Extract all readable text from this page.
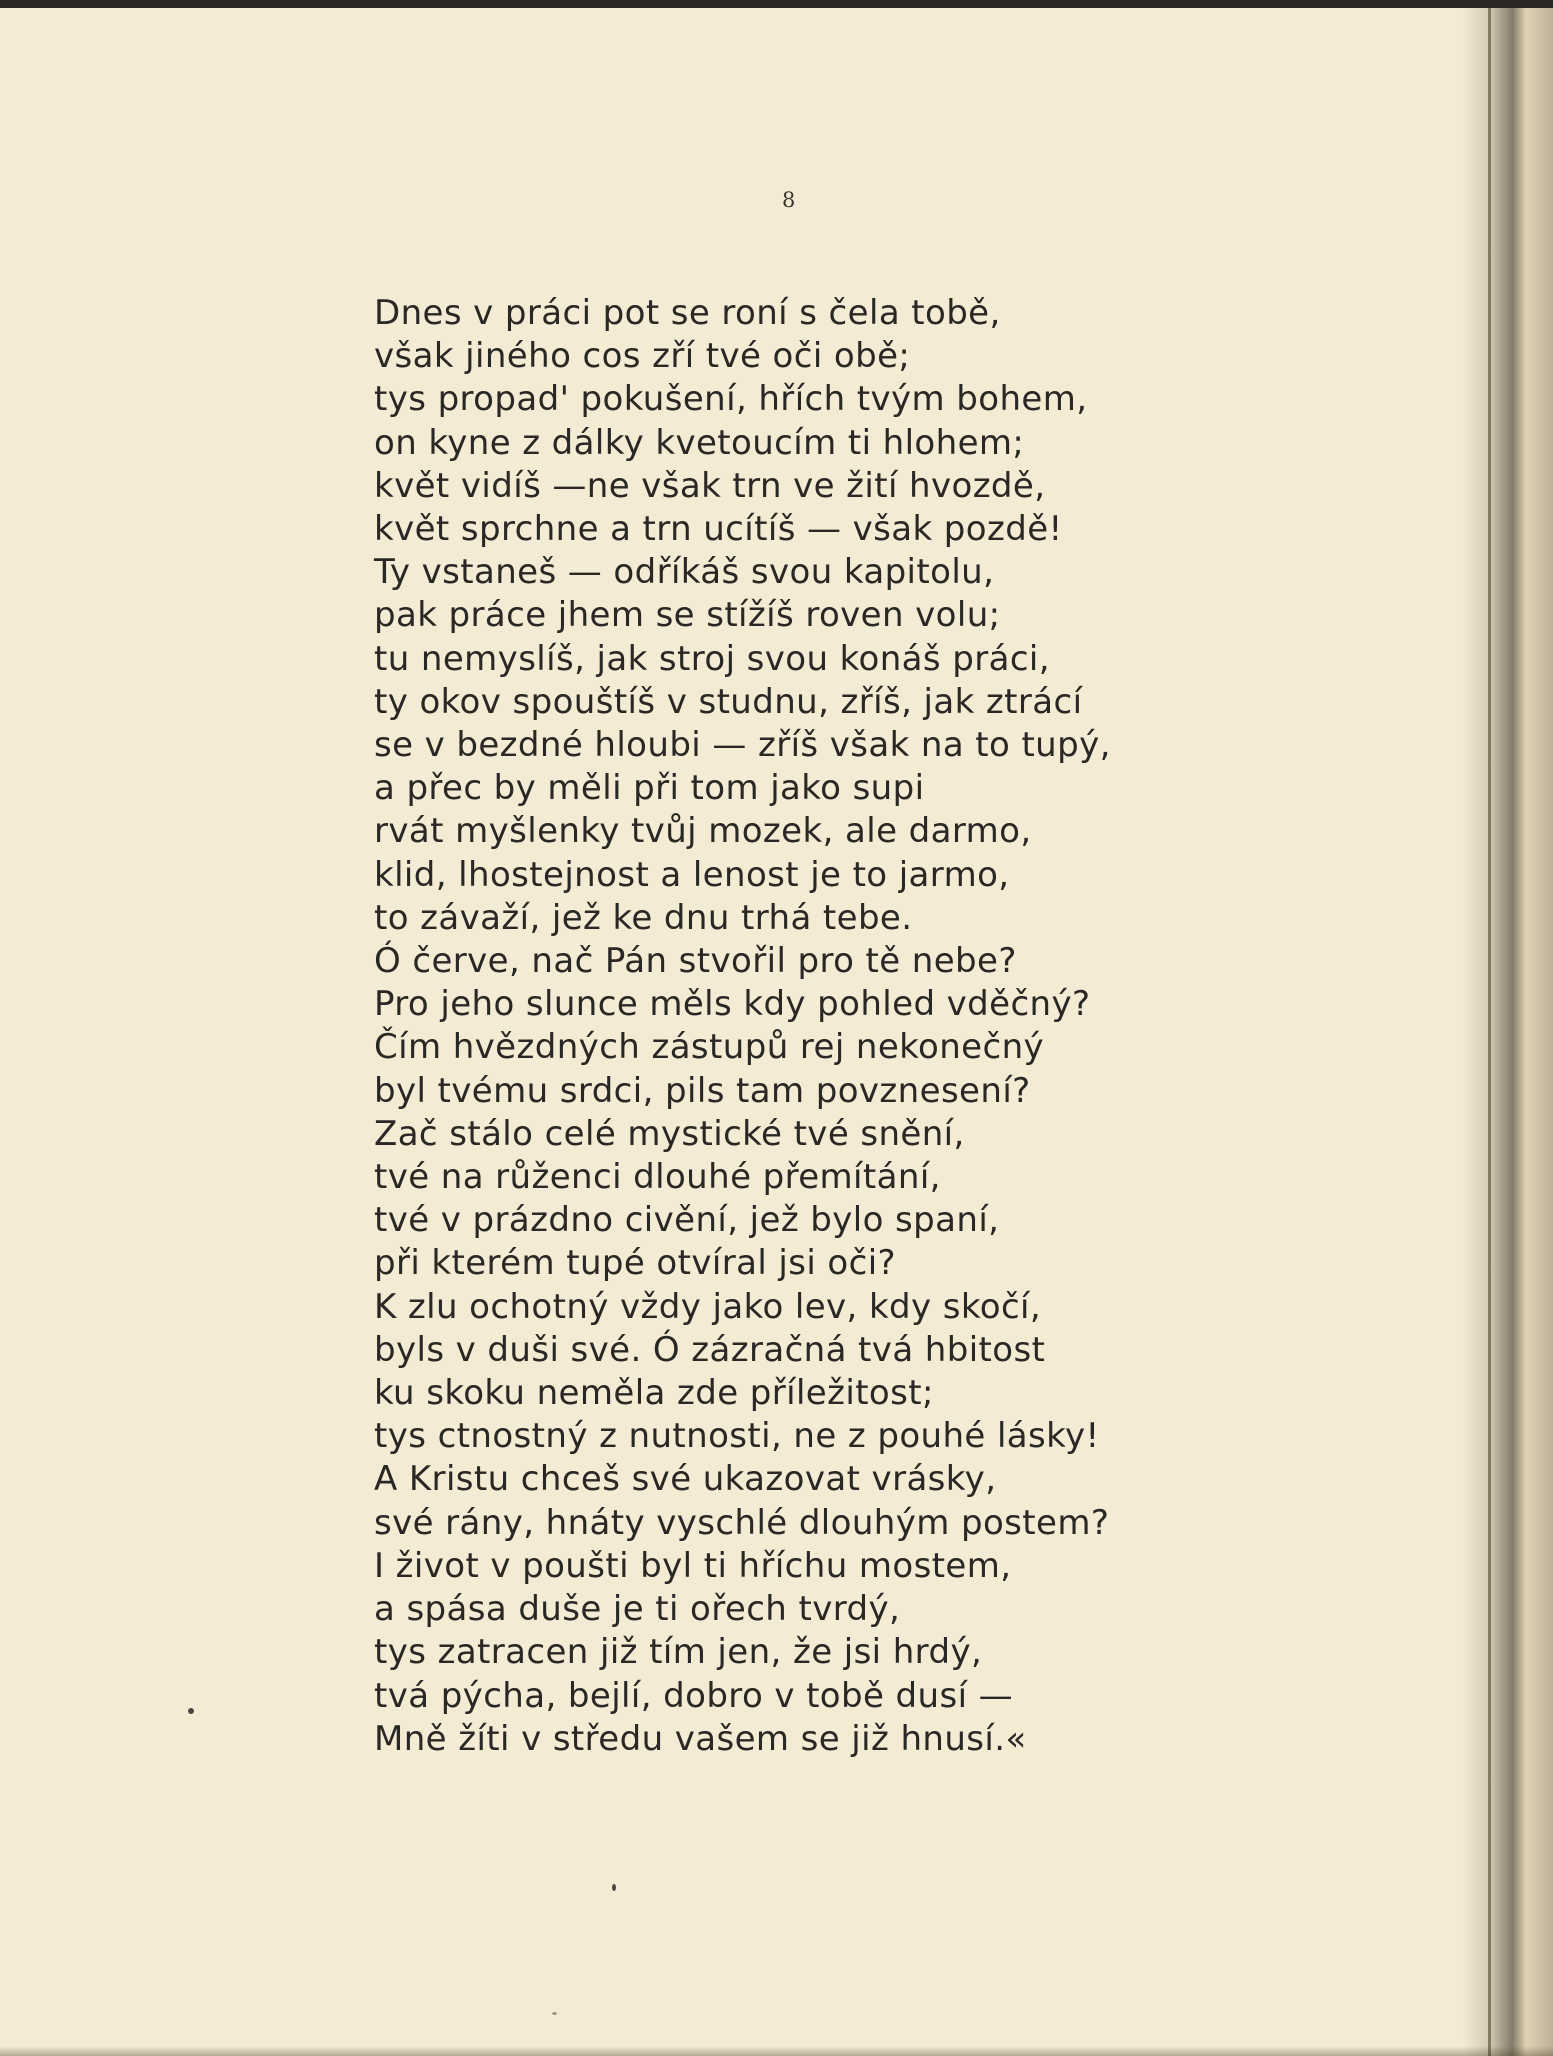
8
Dnes v práci pot se roní s čela tobě,
však jiného cos zří tvé oči obě;
tys propad' pokušení, hřích tvým bohem,
on kyne z dálky kvetoucím ti hlohem;
květ vidíš —ne však trn ve žití hvozdě,
květ sprchne a trn ucítíš — však pozdě!
Ty vstaneš — odříkáš svou kapitolu,
pak práce jhem se stížíš roven volu;
tu nemyslíš, jak stroj svou konáš práci,
ty okov spouštíš v studnu, zříš, jak ztrácí
se v bezdné hloubi — zříš však na to tupý,
a přec by měli při tom jako supi
rvát myšlenky tvůj mozek, ale darmo,
klid, lhostejnost a lenost je to jarmo,
to závaží, jež ke dnu trhá tebe.
Ó červe, nač Pán stvořil pro tě nebe?
Pro jeho slunce měls kdy pohled vděčný?
Čím hvězdných zástupů rej nekonečný
byl tvému srdci, pils tam povznesení?
Zač stálo celé mystické tvé snění,
tvé na růženci dlouhé přemítání,
tvé v prázdno civění, jež bylo spaní,
při kterém tupé otvíral jsi oči?
K zlu ochotný vždy jako lev, kdy skočí,
byls v duši své. Ó zázračná tvá hbitost
ku skoku neměla zde příležitost;
tys ctnostný z nutnosti, ne z pouhé lásky!
A Kristu chceš své ukazovat vrásky,
své rány, hnáty vyschlé dlouhým postem?
I život v poušti byl ti hříchu mostem,
a spása duše je ti ořech tvrdý,
tys zatracen již tím jen, že jsi hrdý,
tvá pýcha, bejlí, dobro v tobě dusí —
Mně žíti v středu vašem se již hnusí.«
